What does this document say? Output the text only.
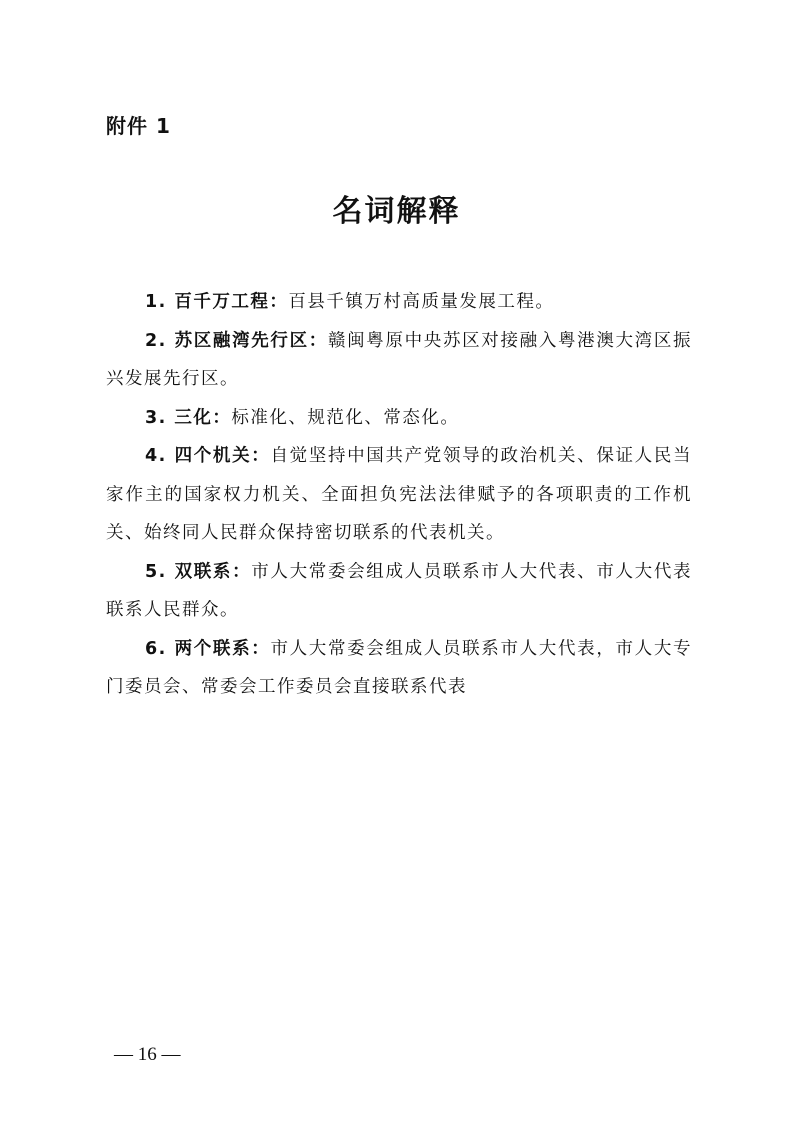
附件 1
名词解释

1. 百千万工程：百县千镇万村高质量发展工程。

2. 苏区融湾先行区：赣闽粤原中央苏区对接融入粤港澳大湾区振兴发展先行区。

3. 三化：标准化、规范化、常态化。

4. 四个机关：自觉坚持中国共产党领导的政治机关、保证人民当家作主的国家权力机关、全面担负宪法法律赋予的各项职责的工作机关、始终同人民群众保持密切联系的代表机关。

5. 双联系：市人大常委会组成人员联系市人大代表、市人大代表联系人民群众。

6. 两个联系：市人大常委会组成人员联系市人大代表，市人大专门委员会、常委会工作委员会直接联系代表

— 16 —
